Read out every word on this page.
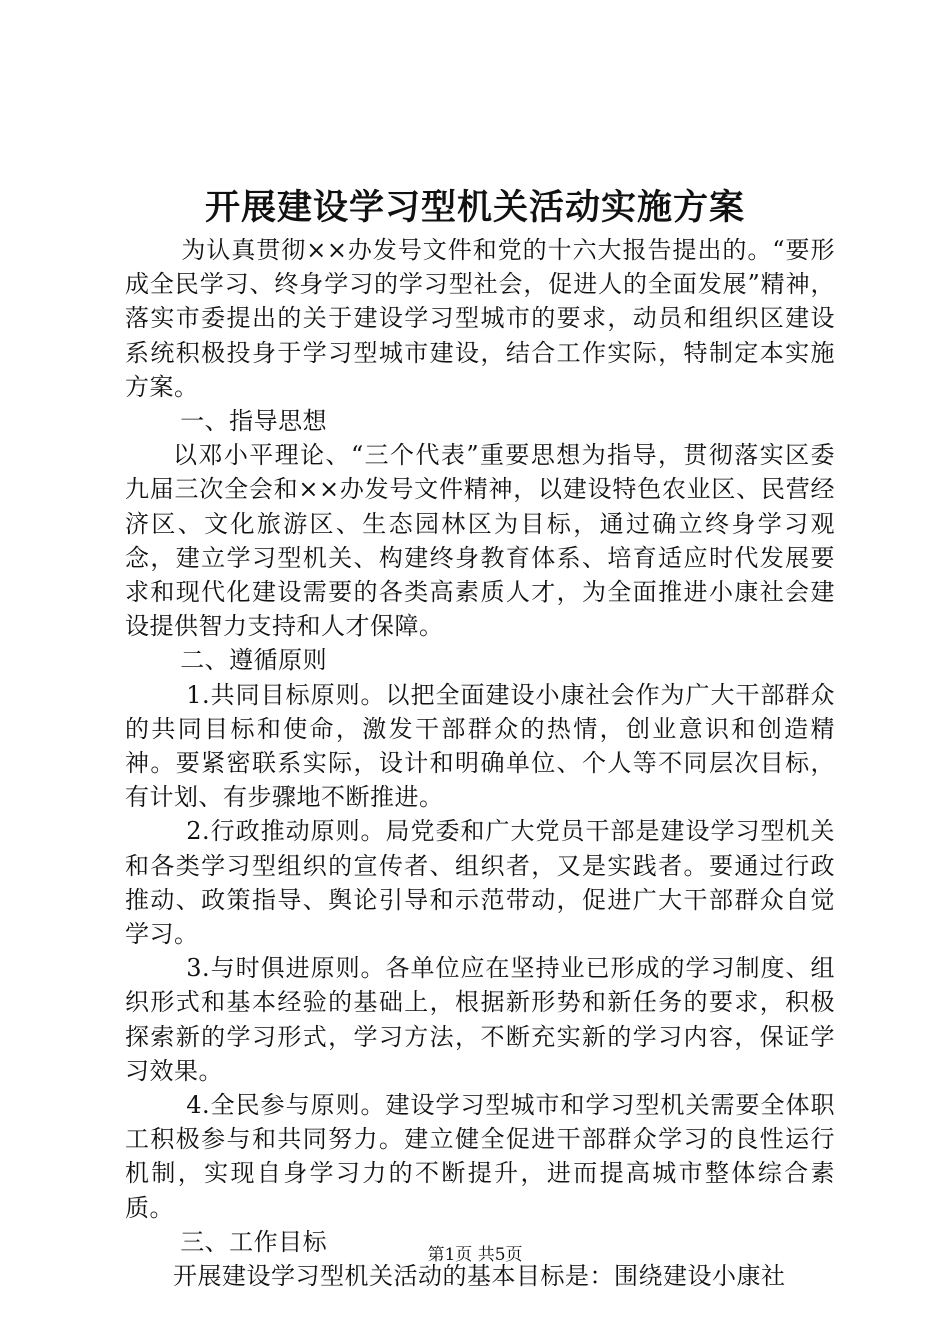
开展建设学习型机关活动实施方案

为认真贯彻××办发号文件和党的十六大报告提出的。“要形成全民学习、终身学习的学习型社会，促进人的全面发展”精神，落实市委提出的关于建设学习型城市的要求，动员和组织区建设系统积极投身于学习型城市建设，结合工作实际，特制定本实施方案。

一、指导思想

以邓小平理论、“三个代表”重要思想为指导，贯彻落实区委九届三次全会和××办发号文件精神，以建设特色农业区、民营经济区、文化旅游区、生态园林区为目标，通过确立终身学习观念，建立学习型机关、构建终身教育体系、培育适应时代发展要求和现代化建设需要的各类高素质人才，为全面推进小康社会建设提供智力支持和人才保障。

二、遵循原则

1.共同目标原则。以把全面建设小康社会作为广大干部群众的共同目标和使命，激发干部群众的热情，创业意识和创造精神。要紧密联系实际，设计和明确单位、个人等不同层次目标，有计划、有步骤地不断推进。

2.行政推动原则。局党委和广大党员干部是建设学习型机关和各类学习型组织的宣传者、组织者，又是实践者。要通过行政推动、政策指导、舆论引导和示范带动，促进广大干部群众自觉学习。

3.与时俱进原则。各单位应在坚持业已形成的学习制度、组织形式和基本经验的基础上，根据新形势和新任务的要求，积极探索新的学习形式，学习方法，不断充实新的学习内容，保证学习效果。

4.全民参与原则。建设学习型城市和学习型机关需要全体职工积极参与和共同努力。建立健全促进干部群众学习的良性运行机制，实现自身学习力的不断提升，进而提高城市整体综合素质。

三、工作目标

开展建设学习型机关活动的基本目标是：围绕建设小康社

第1页 共5页
